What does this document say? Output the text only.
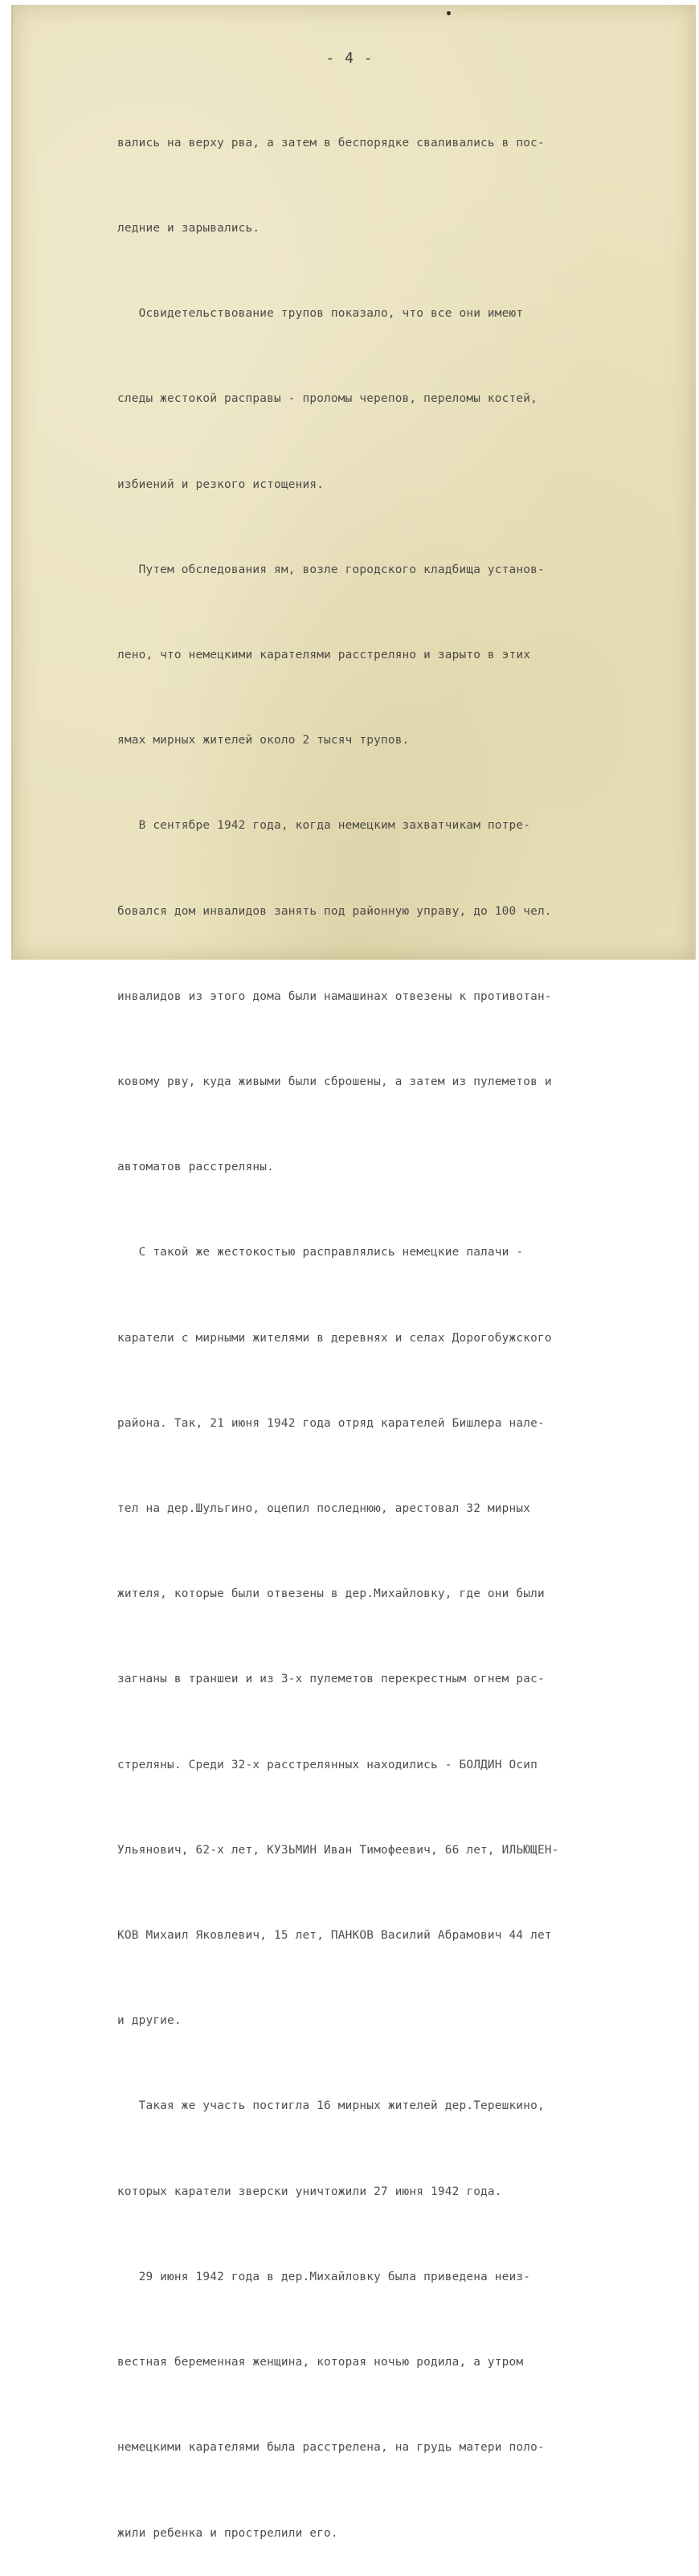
- 4 -

вались на верху рва, а затем в беспорядке сваливались в пос-

ледние и зарывались.

Освидетельствование трупов показало, что все они имеют

следы жестокой расправы - проломы черепов, переломы костей,

избиений и резкого истощения.

Путем обследования ям, возле городского кладбища установ-

лено, что немецкими карателями расстреляно и зарыто в этих

ямах мирных жителей около 2 тысяч трупов.

В сентябре 1942 года, когда немецким захватчикам потре-

бовался дом инвалидов занять под районную управу, до 100 чел.

инвалидов из этого дома были намашинах отвезены к противотан-

ковому рву, куда живыми были сброшены, а затем из пулеметов и

автоматов расстреляны.

С такой же жестокостью расправлялись немецкие палачи -

каратели с мирными жителями в деревнях и селах Дорогобужского

района. Так, 21 июня 1942 года отряд карателей Бишлера нале-

тел на дер.Шульгино, оцепил последнюю, арестовал 32 мирных

жителя, которые были отвезены в дер.Михайловку, где они были

загнаны в траншеи и из 3-х пулеметов перекрестным огнем рас-

стреляны. Среди 32-х расстрелянных находились - БОЛДИН Осип

Ульянович, 62-х лет, КУЗЬМИН Иван Тимофеевич, 66 лет, ИЛЬЮЩЕН-

КОВ Михаил Яковлевич, 15 лет, ПАНКОВ Василий Абрамович 44 лет

и другие.

Такая же участь постигла 16 мирных жителей дер.Терешкино,

которых каратели зверски уничтожили 27 июня 1942 года.

29 июня 1942 года в дер.Михайловку была приведена неиз-

вестная беременная женщина, которая ночью родила, а утром

немецкими карателями была расстрелена, на грудь матери поло-

жили ребенка и прострелили его.
